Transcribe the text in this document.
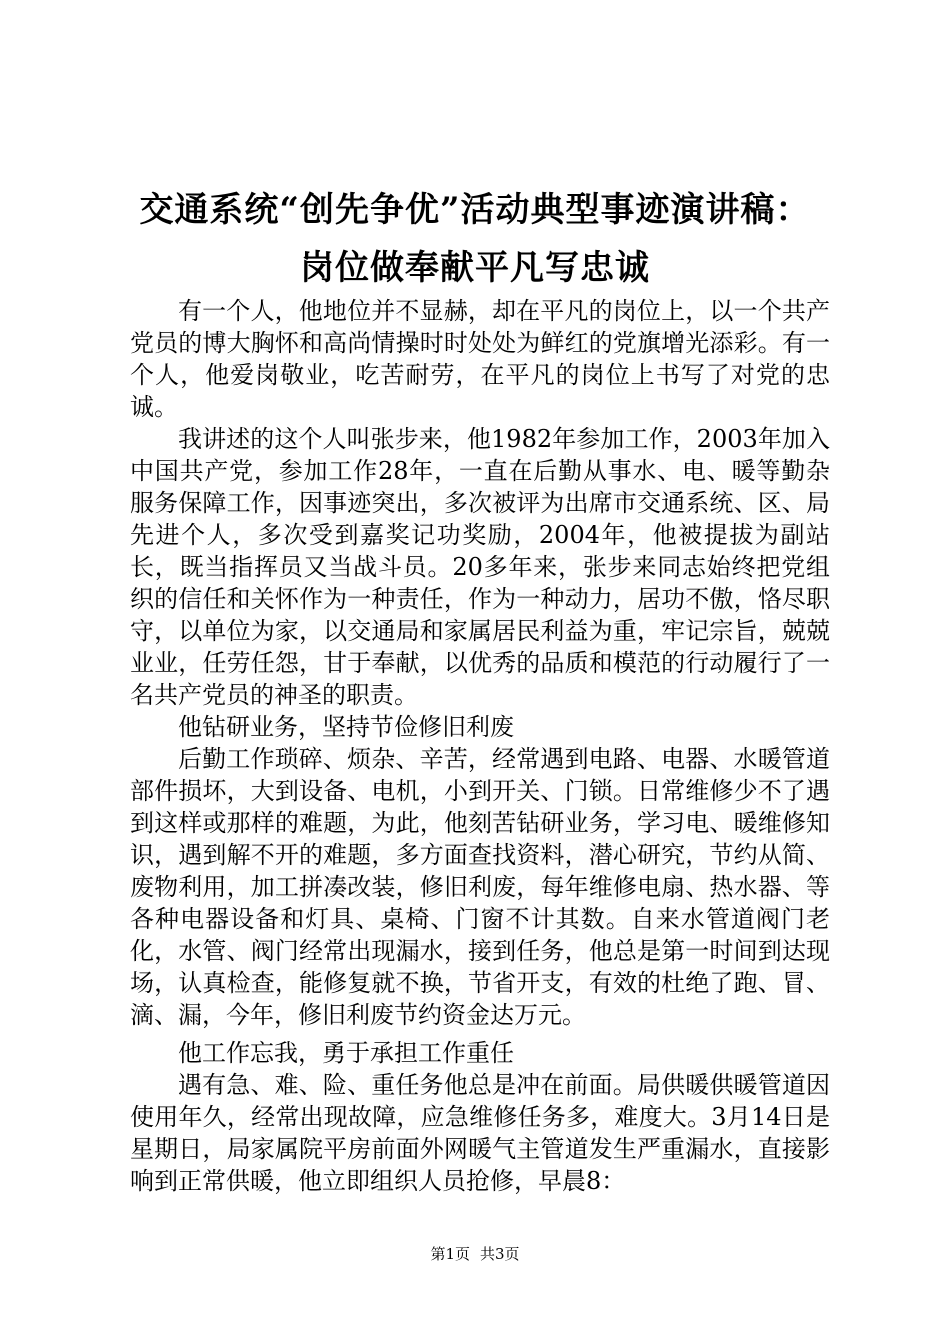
交通系统“创先争优”活动典型事迹演讲稿：
岗位做奉献平凡写忠诚

有一个人，他地位并不显赫，却在平凡的岗位上，以一个共产党员的博大胸怀和高尚情操时时处处为鲜红的党旗增光添彩。有一个人，他爱岗敬业，吃苦耐劳，在平凡的岗位上书写了对党的忠诚。

我讲述的这个人叫张步来，他1982年参加工作，2003年加入中国共产党，参加工作28年，一直在后勤从事水、电、暖等勤杂服务保障工作，因事迹突出，多次被评为出席市交通系统、区、局先进个人，多次受到嘉奖记功奖励，2004年，他被提拔为副站长，既当指挥员又当战斗员。20多年来，张步来同志始终把党组织的信任和关怀作为一种责任，作为一种动力，居功不傲，恪尽职守，以单位为家，以交通局和家属居民利益为重，牢记宗旨，兢兢业业，任劳任怨，甘于奉献，以优秀的品质和模范的行动履行了一名共产党员的神圣的职责。

他钻研业务，坚持节俭修旧利废

后勤工作琐碎、烦杂、辛苦，经常遇到电路、电器、水暖管道部件损坏，大到设备、电机，小到开关、门锁。日常维修少不了遇到这样或那样的难题，为此，他刻苦钻研业务，学习电、暖维修知识，遇到解不开的难题，多方面查找资料，潜心研究，节约从简、废物利用，加工拼凑改装，修旧利废，每年维修电扇、热水器、等各种电器设备和灯具、桌椅、门窗不计其数。自来水管道阀门老化，水管、阀门经常出现漏水，接到任务，他总是第一时间到达现场，认真检查，能修复就不换，节省开支，有效的杜绝了跑、冒、滴、漏，今年，修旧利废节约资金达万元。

他工作忘我，勇于承担工作重任

遇有急、难、险、重任务他总是冲在前面。局供暖供暖管道因使用年久，经常出现故障，应急维修任务多，难度大。3月14日是星期日，局家属院平房前面外网暖气主管道发生严重漏水，直接影响到正常供暖，他立即组织人员抢修，早晨8：

第1页 共3页
